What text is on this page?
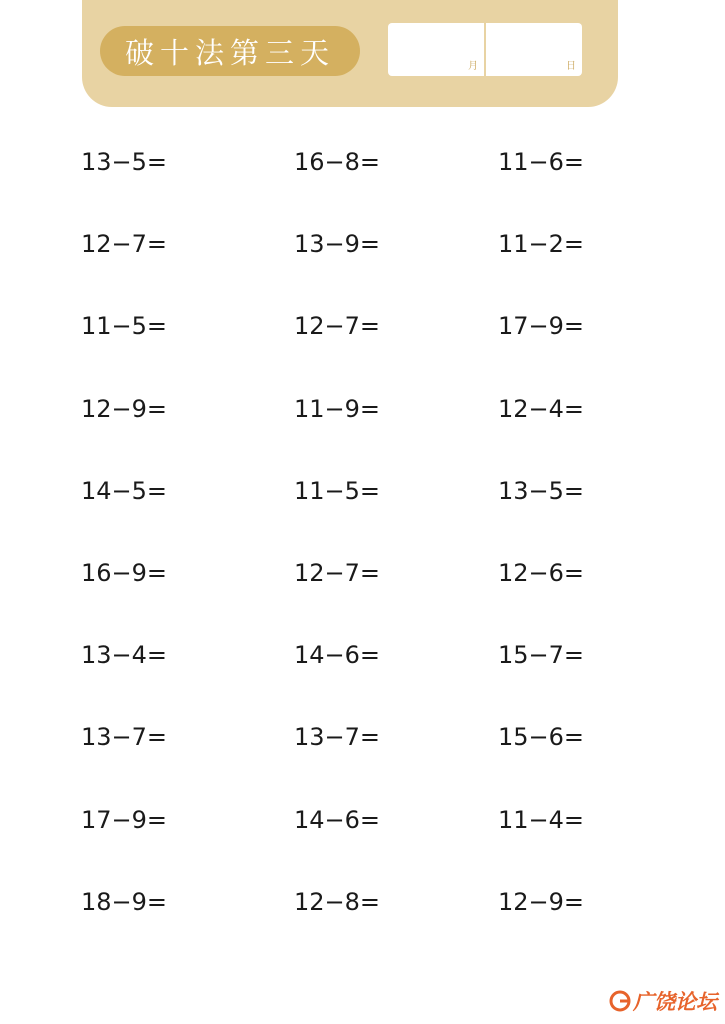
破十法第三天	月	日
13−5=	16−8=	11−6=
12−7=	13−9=	11−2=
11−5=	12−7=	17−9=
12−9=	11−9=	12−4=
14−5=	11−5=	13−5=
16−9=	12−7=	12−6=
13−4=	14−6=	15−7=
13−7=	13−7=	15−6=
17−9=	14−6=	11−4=
18−9=	12−8=	12−9=
广饶论坛
